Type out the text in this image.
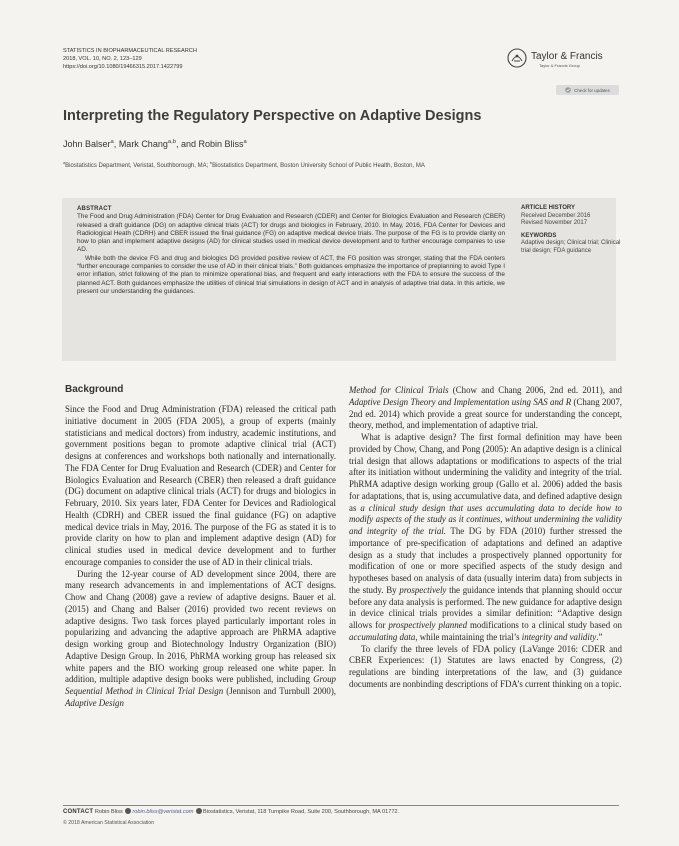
STATISTICS IN BIOPHARMACEUTICAL RESEARCH
2018, VOL. 10, NO. 2, 123–129
https://doi.org/10.1080/19466315.2017.1422799
Taylor & Francis
Taylor & Francis Group
Check for updates
Interpreting the Regulatory Perspective on Adaptive Designs
John Balser$^a$, Mark Chang$^{a,b}$, and Robin Bliss$^a$
$^a$Biostatistics Department, Veristat, Southborough, MA; $^b$Biostatistics Department, Boston University School of Public Health, Boston, MA
ABSTRACT

The Food and Drug Administration (FDA) Center for Drug Evaluation and Research (CDER) and Center for Biologics Evaluation and Research (CBER) released a draft guidance (DG) on adaptive clinical trials (ACT) for drugs and biologics in February, 2010. In May, 2016, FDA Center for Devices and Radiological Heath (CDRH) and CBER issued the final guidance (FG) on adaptive medical device trials. The purpose of the FG is to provide clarity on how to plan and implement adaptive designs (AD) for clinical studies used in medical device development and to further encourage companies to use AD.

While both the device FG and drug and biologics DG provided positive review of ACT, the FG position was stronger, stating that the FDA centers “further encourage companies to consider the use of AD in their clinical trials.” Both guidances emphasize the importance of preplanning to avoid Type I error inflation, strict following of the plan to minimize operational bias, and frequent and early interactions with the FDA to ensure the success of the planned ACT. Both guidances emphasize the utilities of clinical trial simulations in design of ACT and in analysis of adaptive trial data. In this article, we present our understanding the guidances.

ARTICLE HISTORY
Received December 2016
Revised November 2017
KEYWORDS
Adaptive design; Clinical trial; Clinical trial design; FDA guidance
Background

Since the Food and Drug Administration (FDA) released the critical path initiative document in 2005 (FDA 2005), a group of experts (mainly statisticians and medical doctors) from industry, academic institutions, and government positions began to promote adaptive clinical trial (ACT) designs at conferences and workshops both nationally and internationally. The FDA Center for Drug Evaluation and Research (CDER) and Center for Biologics Evaluation and Research (CBER) then released a draft guidance (DG) document on adaptive clinical trials (ACT) for drugs and biologics in February, 2010. Six years later, FDA Center for Devices and Radiological Health (CDRH) and CBER issued the final guidance (FG) on adaptive medical device trials in May, 2016. The purpose of the FG as stated it is to provide clarity on how to plan and implement adaptive design (AD) for clinical studies used in medical device development and to further encourage companies to consider the use of AD in their clinical trials.

During the 12-year course of AD development since 2004, there are many research advancements in and implementations of ACT designs. Chow and Chang (2008) gave a review of adaptive designs. Bauer et al. (2015) and Chang and Balser (2016) provided two recent reviews on adaptive designs. Two task forces played particularly important roles in popularizing and advancing the adaptive approach are PhRMA adaptive design working group and Biotechnology Industry Organization (BIO) Adaptive Design Group. In 2016, PhRMA working group has released six white papers and the BIO working group released one white paper. In addition, multiple adaptive design books were published, including Group Sequential Method in Clinical Trial Design (Jennison and Turnbull 2000), Adaptive Design

Method for Clinical Trials (Chow and Chang 2006, 2nd ed. 2011), and Adaptive Design Theory and Implementation using SAS and R (Chang 2007, 2nd ed. 2014) which provide a great source for understanding the concept, theory, method, and implementation of adaptive trial.

What is adaptive design? The first formal definition may have been provided by Chow, Chang, and Pong (2005): An adaptive design is a clinical trial design that allows adaptations or modifications to aspects of the trial after its initiation without undermining the validity and integrity of the trial. PhRMA adaptive design working group (Gallo et al. 2006) added the basis for adaptations, that is, using accumulative data, and defined adaptive design as a clinical study design that uses accumulating data to decide how to modify aspects of the study as it continues, without undermining the validity and integrity of the trial. The DG by FDA (2010) further stressed the importance of pre-specification of adaptations and defined an adaptive design as a study that includes a prospectively planned opportunity for modification of one or more specified aspects of the study design and hypotheses based on analysis of data (usually interim data) from subjects in the study. By prospectively the guidance intends that planning should occur before any data analysis is performed. The new guidance for adaptive design in device clinical trials provides a similar definition: “Adaptive design allows for prospectively planned modifications to a clinical study based on accumulating data, while maintaining the trial’s integrity and validity.”

To clarify the three levels of FDA policy (LaVange 2016: CDER and CBER Experiences: (1) Statutes are laws enacted by Congress, (2) regulations are binding interpretations of the law, and (3) guidance documents are nonbinding descriptions of FDA’s current thinking on a topic.

CONTACT Robin Bliss robin.bliss@veristat.com Biostatistics, Veristat, 118 Turnpike Road, Suite 200, Southborough, MA 01772.
© 2018 American Statistical Association
